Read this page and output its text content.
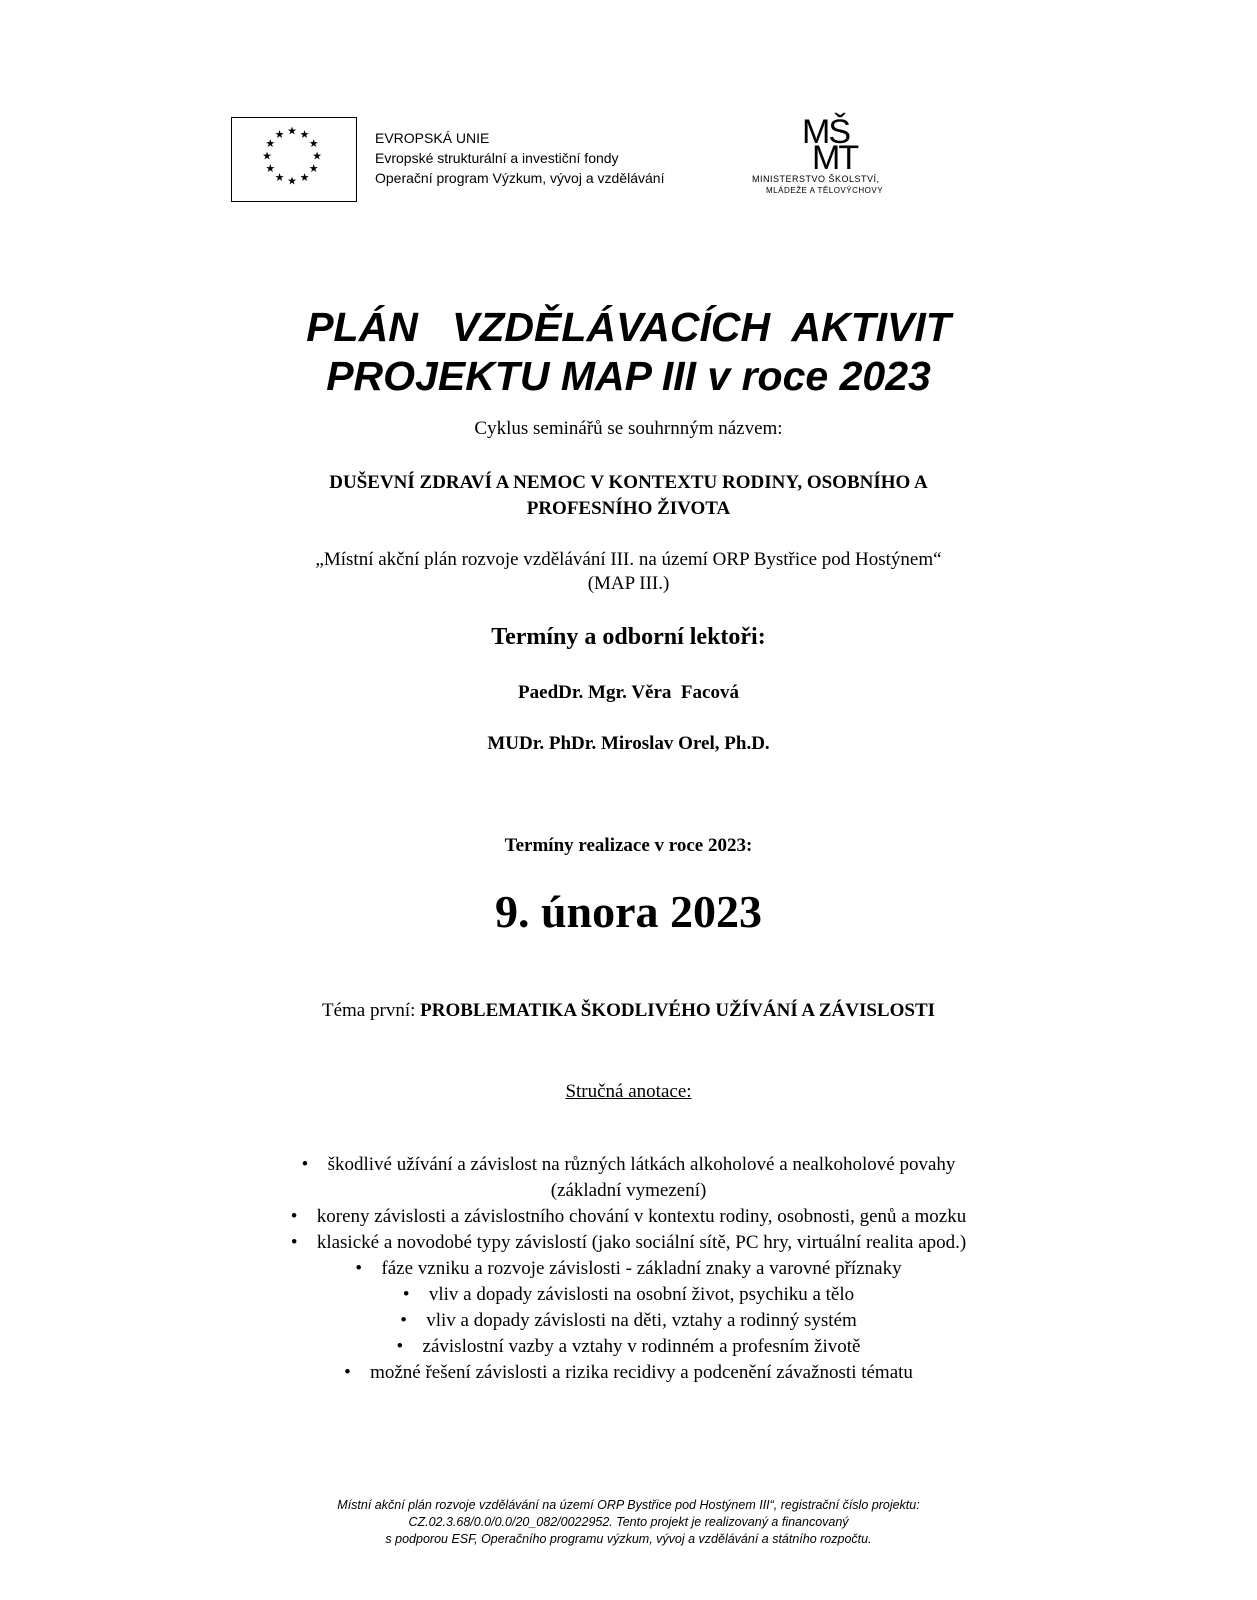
★ ★
★
★
★
★
★
★
★
★
★
★	EVROPSKÁ UNIE
Evropské strukturální a investiční fondy
Operační program Výzkum, vývoj a vzdělávání
MŠ
MT
MINISTERSTVO ŠKOLSTVÍ,
MLÁDEŽE A TĚLOVÝCHOVY
PLÁN   VZDĚLÁVACÍCH  AKTIVIT
PROJEKTU MAP III v roce 2023
Cyklus seminářů se souhrnným názvem:
DUŠEVNÍ ZDRAVÍ A NEMOC V KONTEXTU RODINY, OSOBNÍHO A
PROFESNÍHO ŽIVOTA
„Místní akční plán rozvoje vzdělávání III. na území ORP Bystřice pod Hostýnem“
(MAP III.)
Termíny a odborní lektoři:
PaedDr. Mgr. Věra  Facová
MUDr. PhDr. Miroslav Orel, Ph.D.
Termíny realizace v roce 2023:
9. února 2023
Téma první: PROBLEMATIKA ŠKODLIVÉHO UŽÍVÁNÍ A ZÁVISLOSTI
Stručná anotace:
• škodlivé užívání a závislost na různých látkách alkoholové a nealkoholové povahy
(základní vymezení)
• koreny závislosti a závislostního chování v kontextu rodiny, osobnosti, genů a mozku
• klasické a novodobé typy závislostí (jako sociální sítě, PC hry, virtuální realita apod.)
• fáze vzniku a rozvoje závislosti - základní znaky a varovné příznaky
• vliv a dopady závislosti na osobní život, psychiku a tělo
• vliv a dopady závislosti na děti, vztahy a rodinný systém
• závislostní vazby a vztahy v rodinném a profesním životě
• možné řešení závislosti a rizika recidivy a podcenění závažnosti tématu
Místní akční plán rozvoje vzdělávání na území ORP Bystřice pod Hostýnem III“, registrační číslo projektu:
CZ.02.3.68/0.0/0.0/20_082/0022952. Tento projekt je realizovaný a financovaný
s podporou ESF, Operačního programu výzkum, vývoj a vzdělávání a státního rozpočtu.
